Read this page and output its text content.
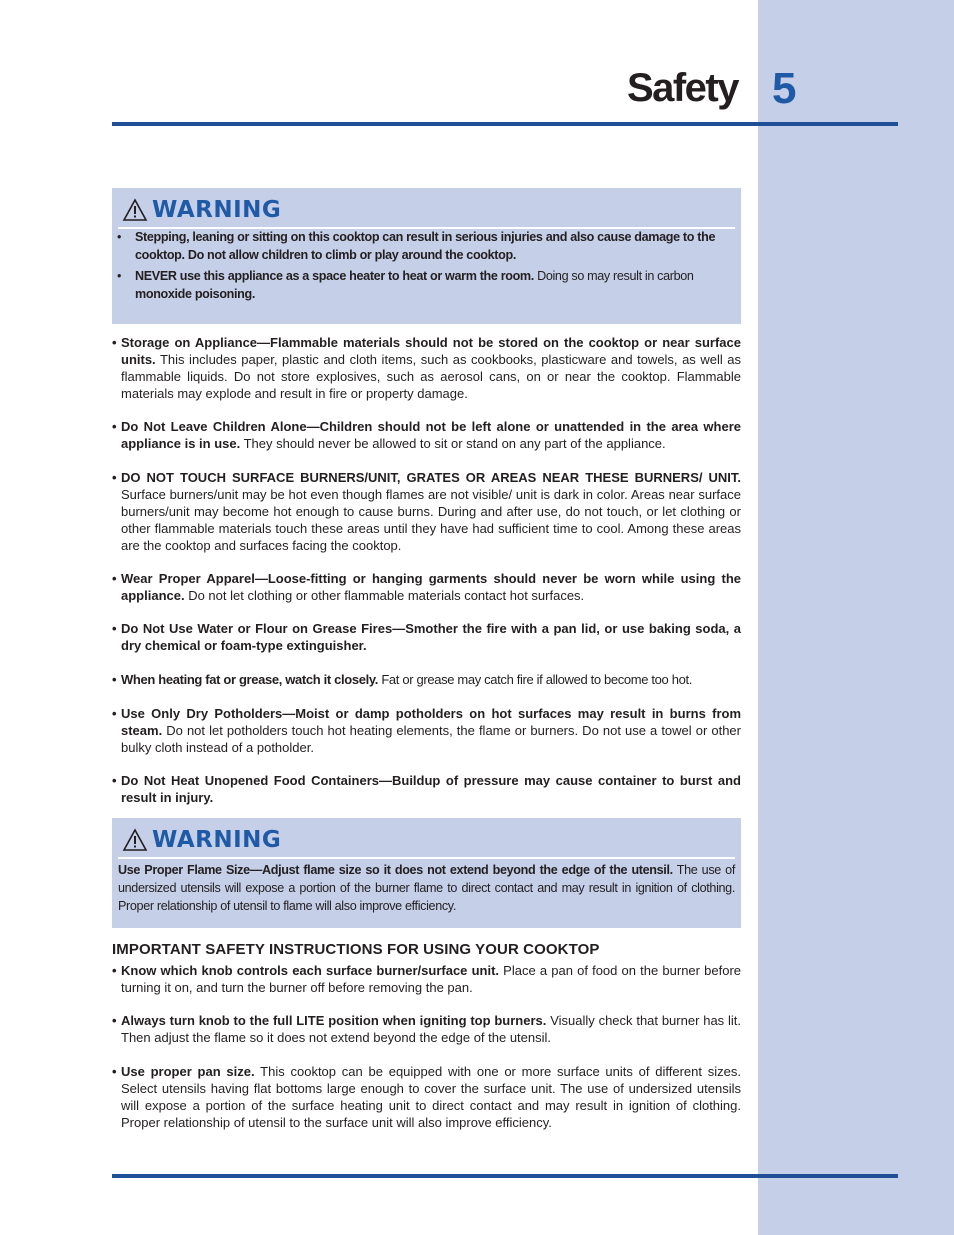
Safety 5
WARNING
• Stepping, leaning or sitting on this cooktop can result in serious injuries and also cause damage to the cooktop. Do not allow children to climb or play around the cooktop.
• NEVER use this appliance as a space heater to heat or warm the room. Doing so may result in carbon
monoxide poisoning.
• Storage on Appliance—Flammable materials should not be stored on the cooktop or near surface units. This includes paper, plastic and cloth items, such as cookbooks, plasticware and towels, as well as flammable liquids. Do not store explosives, such as aerosol cans, on or near the cooktop. Flammable materials may explode and result in fire or property damage.
• Do Not Leave Children Alone—Children should not be left alone or unattended in the area where appliance is in use. They should never be allowed to sit or stand on any part of the appliance.
• DO NOT TOUCH SURFACE BURNERS/UNIT, GRATES OR AREAS NEAR THESE BURNERS/ UNIT. Surface burners/unit may be hot even though flames are not visible/ unit is dark in color. Areas near surface burners/unit may become hot enough to cause burns. During and after use, do not touch, or let clothing or other flammable materials touch these areas until they have had sufficient time to cool. Among these areas are the cooktop and surfaces facing the cooktop.
• Wear Proper Apparel—Loose-fitting or hanging garments should never be worn while using the appliance. Do not let clothing or other flammable materials contact hot surfaces.
• Do Not Use Water or Flour on Grease Fires—Smother the fire with a pan lid, or use baking soda, a dry chemical or foam-type extinguisher.
• When heating fat or grease, watch it closely. Fat or grease may catch fire if allowed to become too hot.
• Use Only Dry Potholders—Moist or damp potholders on hot surfaces may result in burns from steam. Do not let potholders touch hot heating elements, the flame or burners. Do not use a towel or other bulky cloth instead of a potholder.
• Do Not Heat Unopened Food Containers—Buildup of pressure may cause container to burst and result in injury.
WARNING
Use Proper Flame Size—Adjust flame size so it does not extend beyond the edge of the utensil. The use of undersized utensils will expose a portion of the burner flame to direct contact and may result in ignition of clothing. Proper relationship of utensil to flame will also improve efficiency.
IMPORTANT SAFETY INSTRUCTIONS FOR USING YOUR COOKTOP
• Know which knob controls each surface burner/surface unit. Place a pan of food on the burner before turning it on, and turn the burner off before removing the pan.
• Always turn knob to the full LITE position when igniting top burners. Visually check that burner has lit. Then adjust the flame so it does not extend beyond the edge of the utensil.
• Use proper pan size. This cooktop can be equipped with one or more surface units of different sizes. Select utensils having flat bottoms large enough to cover the surface unit. The use of undersized utensils will expose a portion of the surface heating unit to direct contact and may result in ignition of clothing. Proper relationship of utensil to the surface unit will also improve efficiency.
